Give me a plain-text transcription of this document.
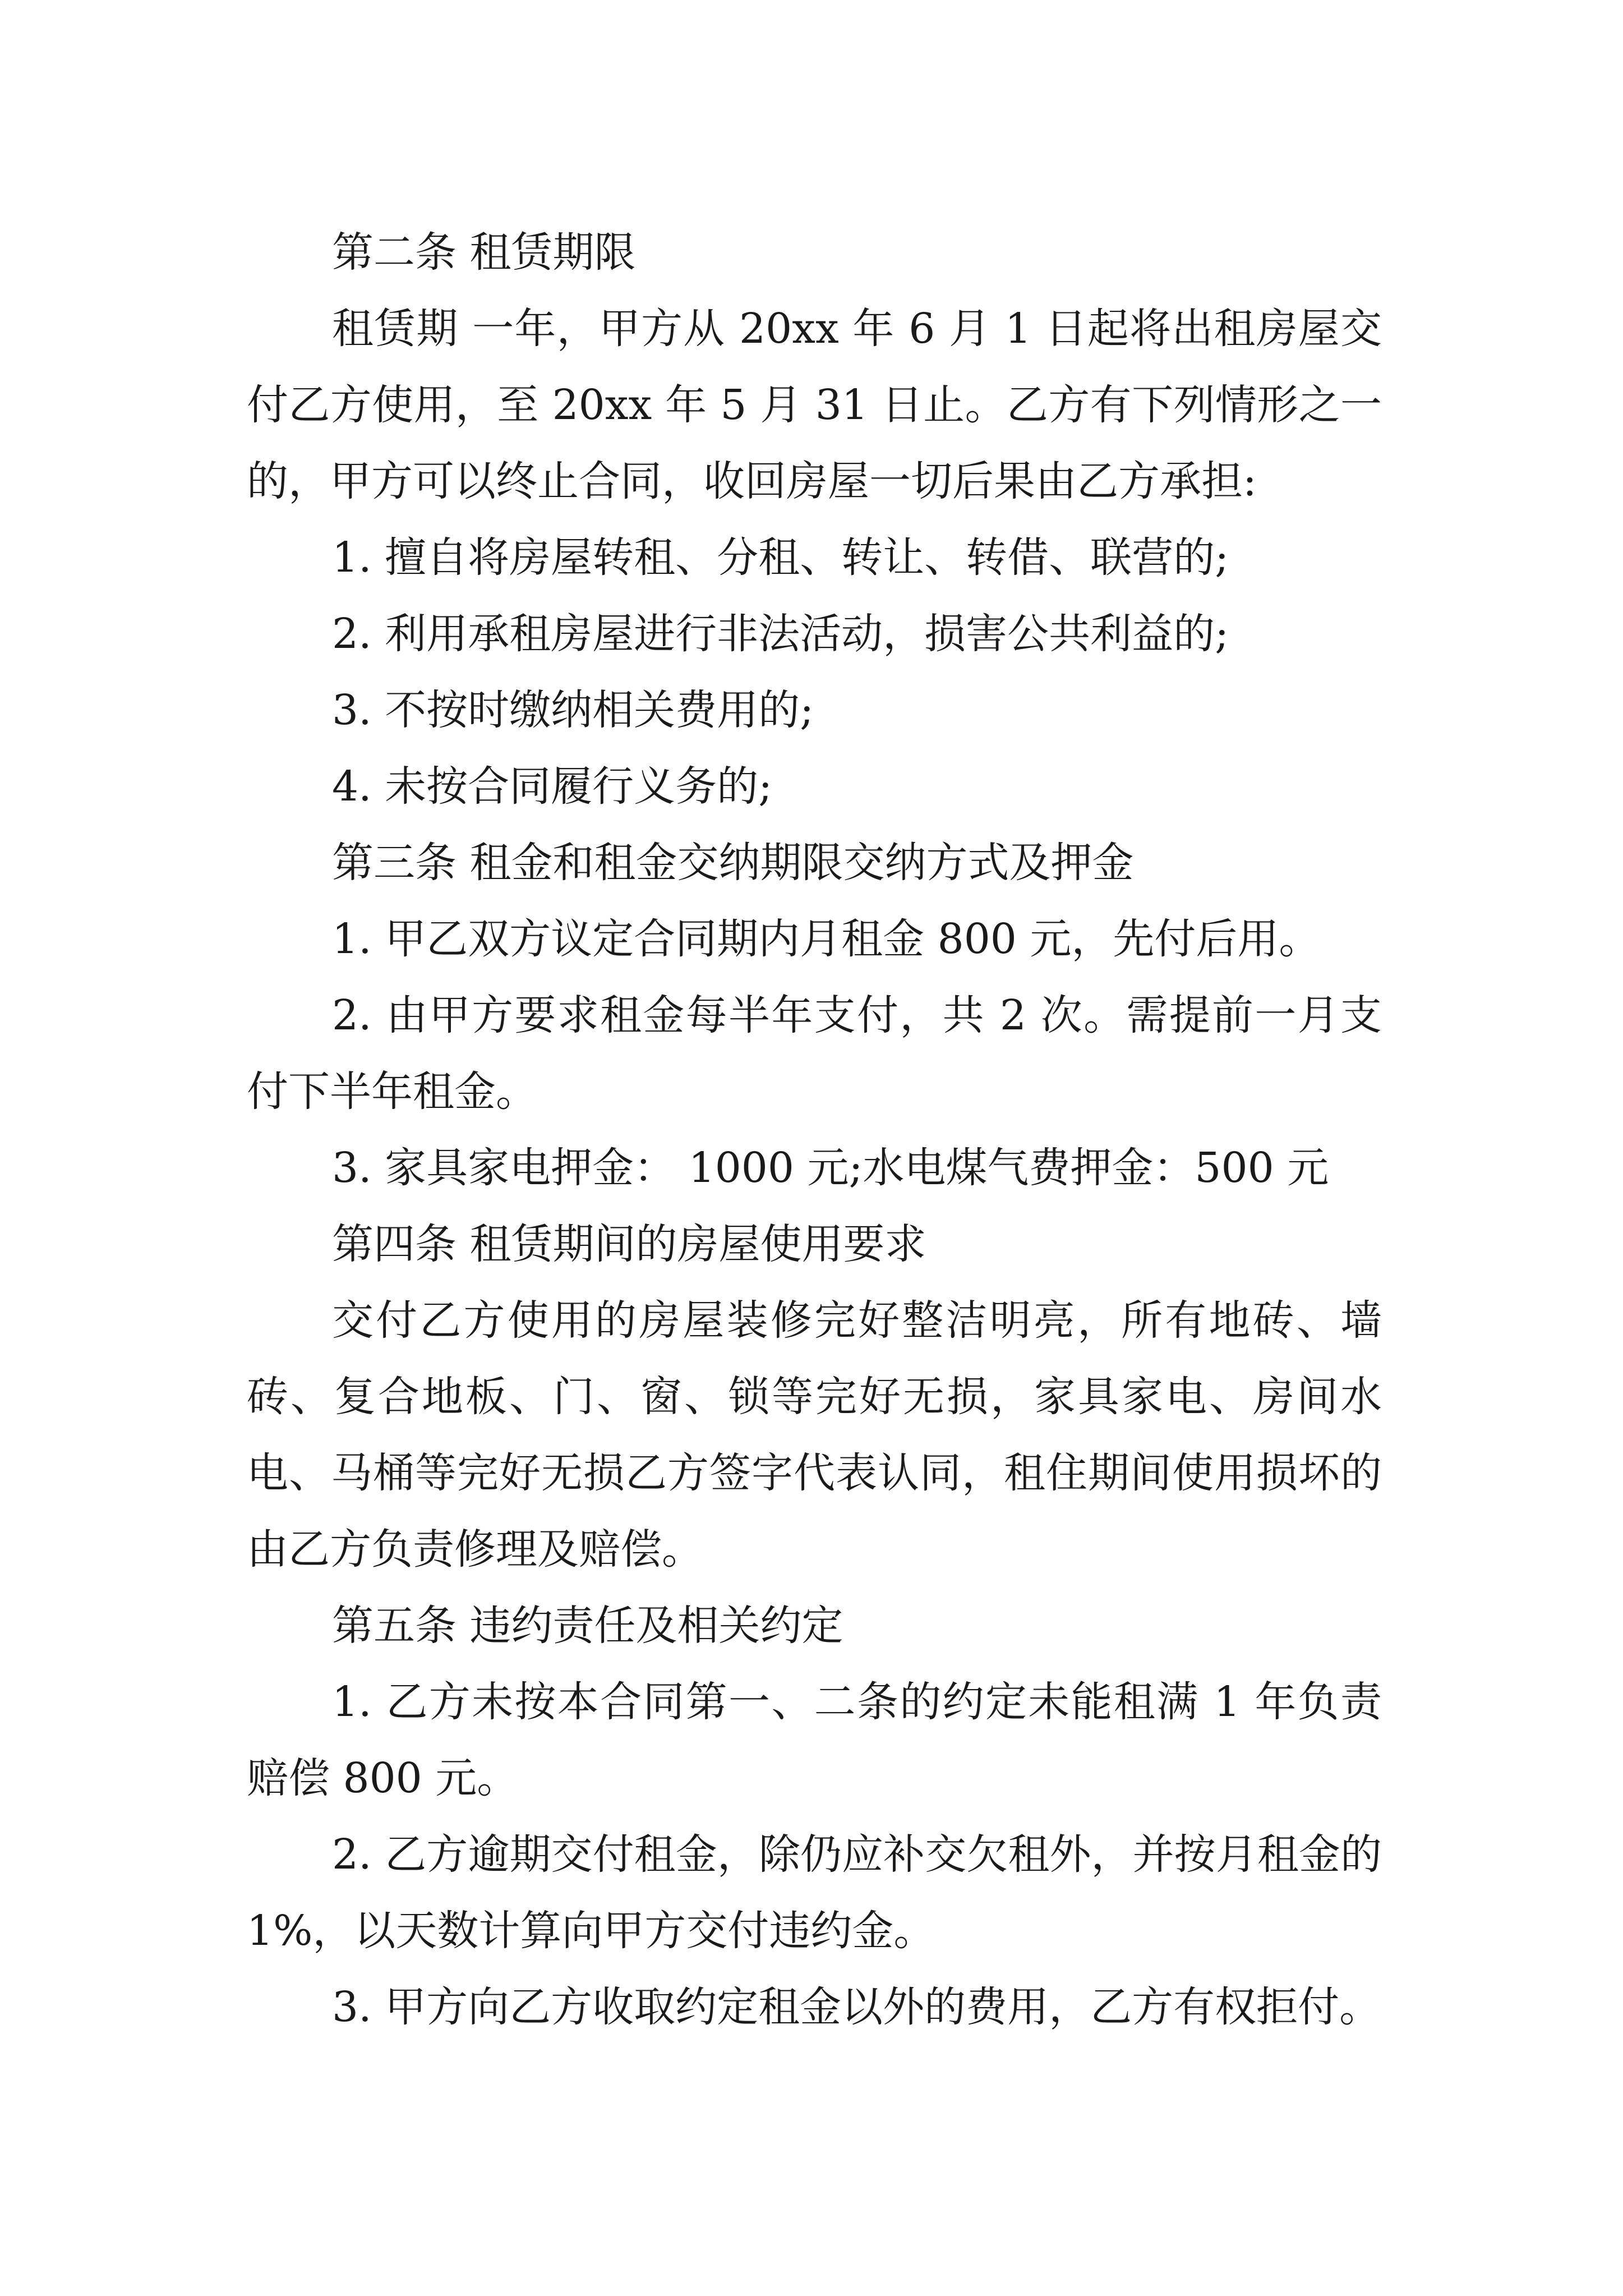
第二条 租赁期限

租赁期 一年，甲方从 20xx 年 6 月 1 日起将出租房屋交付乙方使用，至 20xx 年 5 月 31 日止。乙方有下列情形之一的，甲方可以终止合同，收回房屋一切后果由乙方承担:

1. 擅自将房屋转租、分租、转让、转借、联营的;

2. 利用承租房屋进行非法活动，损害公共利益的;

3. 不按时缴纳相关费用的;

4. 未按合同履行义务的;

第三条 租金和租金交纳期限交纳方式及押金

1. 甲乙双方议定合同期内月租金 800 元，先付后用。

2. 由甲方要求租金每半年支付，共 2 次。需提前一月支付下半年租金。

3. 家具家电押金： 1000 元;水电煤气费押金：500 元

第四条 租赁期间的房屋使用要求

交付乙方使用的房屋装修完好整洁明亮，所有地砖、墙砖、复合地板、门、窗、锁等完好无损，家具家电、房间水电、马桶等完好无损乙方签字代表认同，租住期间使用损坏的由乙方负责修理及赔偿。

第五条 违约责任及相关约定

1. 乙方未按本合同第一、二条的约定未能租满 1 年负责赔偿 800 元。

2. 乙方逾期交付租金，除仍应补交欠租外，并按月租金的 1%，以天数计算向甲方交付违约金。

3. 甲方向乙方收取约定租金以外的费用，乙方有权拒付。
